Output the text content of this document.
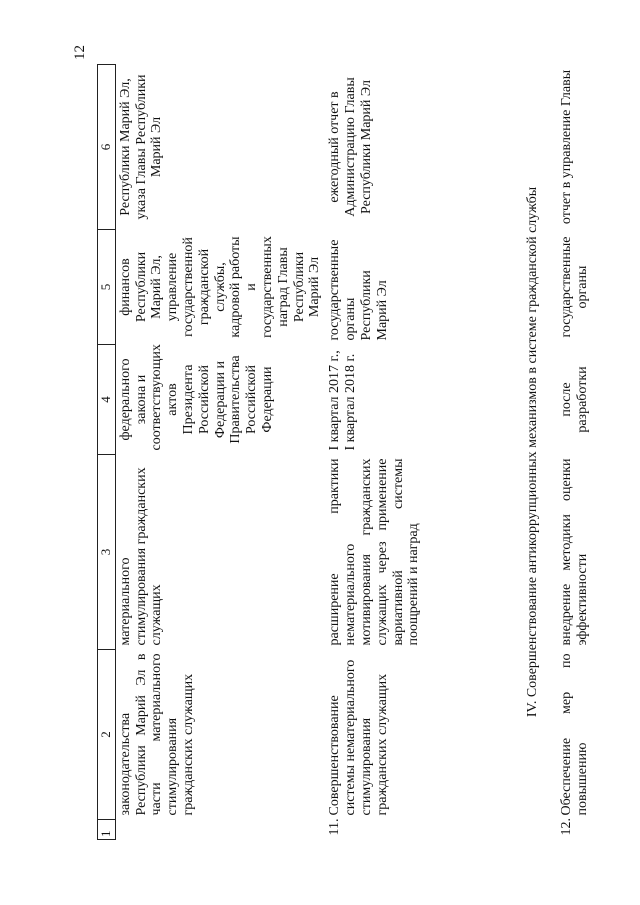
12
1	2	3	4	5	6
	законодательства Республики Марий Эл в части материального стимулирования гражданских служащих	материального стимулирования гражданских служащих	федерального закона и соответствующих актов Президента Российской Федерации и Правительства Российской Федерации	финансов Республики Марий Эл, управление государственной гражданской службы, кадровой работы и государственных наград Главы Республики Марий Эл	Республики Марий Эл, указа Главы Республики Марий Эл
11.	Совершенствование системы нематериального стимулирования гражданских служащих	расширение практики нематериального мотивирования гражданских служащих через применение вариативной системы поощрений и наград	I квартал 2017 г., I квартал 2018 г.	государственные органы Республики Марий Эл	ежегодный отчет в Администрацию Главы Республики Марий Эл
IV. Совершенствование антикоррупционных механизмов в системе гражданской службы					
12.	Обеспечение мер по повышению	внедрение методики оценки эффективности	после разработки	государственные органы	отчет в управление Главы
